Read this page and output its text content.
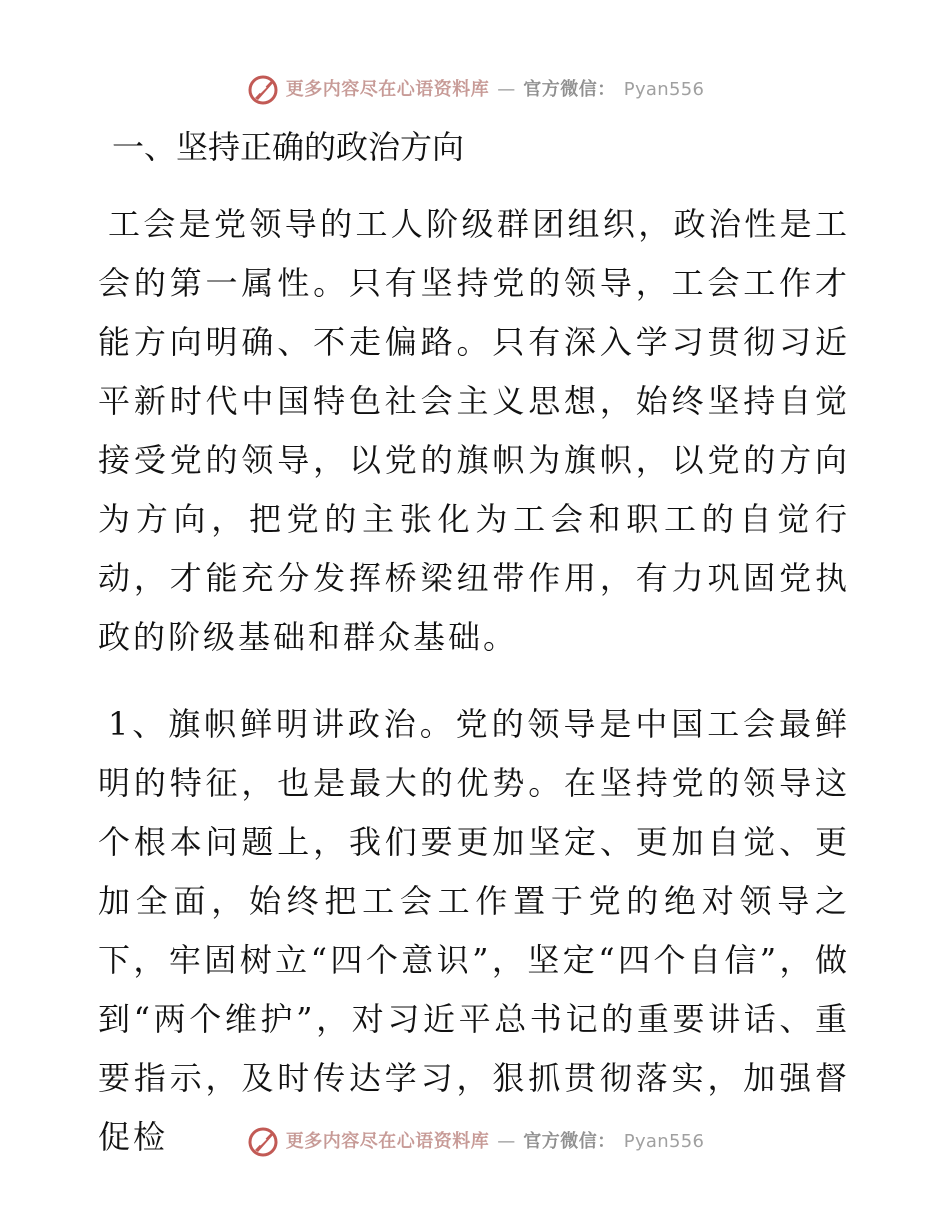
更多内容尽在心语资料库 — 官方微信： Pyan556
一、坚持正确的政治方向

工会是党领导的工人阶级群团组织，政治性是工会的第一属性。只有坚持党的领导，工会工作才能方向明确、不走偏路。只有深入学习贯彻习近平新时代中国特色社会主义思想，始终坚持自觉接受党的领导，以党的旗帜为旗帜，以党的方向为方向，把党的主张化为工会和职工的自觉行动，才能充分发挥桥梁纽带作用，有力巩固党执政的阶级基础和群众基础。

1、旗帜鲜明讲政治。党的领导是中国工会最鲜明的特征，也是最大的优势。在坚持党的领导这个根本问题上，我们要更加坚定、更加自觉、更加全面，始终把工会工作置于党的绝对领导之下，牢固树立“四个意识”，坚定“四个自信”，做到“两个维护”，对习近平总书记的重要讲话、重要指示，及时传达学习，狠抓贯彻落实，加强督促检	更多内容尽在心语资料库 — 官方微信： Pyan556
